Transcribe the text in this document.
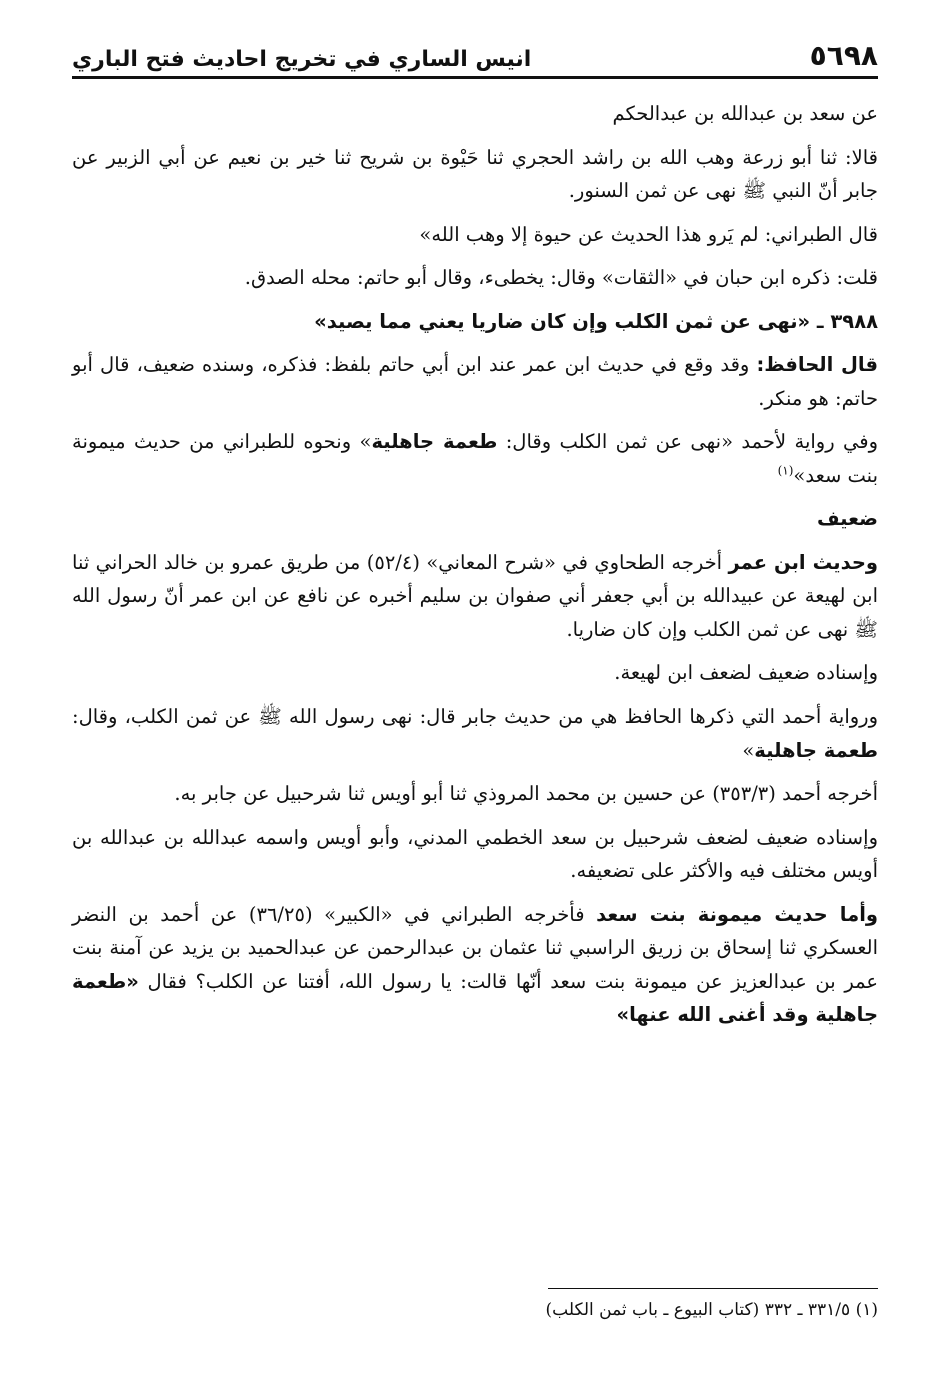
٥٦٩٨
انيس الساري في تخريج احاديث فتح الباري

عن سعد بن عبدالله بن عبدالحكم

قالا: ثنا أبو زرعة وهب الله بن راشد الحجري ثنا حَيْوة بن شريح ثنا خير بن نعيم عن أبي الزبير عن جابر أنّ النبي ﷺ نهى عن ثمن السنور.

قال الطبراني: لم يَرو هذا الحديث عن حيوة إلا وهب الله»

قلت: ذكره ابن حبان في «الثقات» وقال: يخطىء، وقال أبو حاتم: محله الصدق.

٣٩٨٨ ـ «نهى عن ثمن الكلب وإن كان ضاريا يعني مما يصيد»

قال الحافظ: وقد وقع في حديث ابن عمر عند ابن أبي حاتم بلفظ: فذكره، وسنده ضعيف، قال أبو حاتم: هو منكر.

وفي رواية لأحمد «نهى عن ثمن الكلب وقال: طعمة جاهلية» ونحوه للطبراني من حديث ميمونة بنت سعد»$^{(١)}$

ضعيف

وحديث ابن عمر أخرجه الطحاوي في «شرح المعاني» (٥٢/٤) من طريق عمرو بن خالد الحراني ثنا ابن لهيعة عن عبيدالله بن أبي جعفر أني صفوان بن سليم أخبره عن نافع عن ابن عمر أنّ رسول الله ﷺ نهى عن ثمن الكلب وإن كان ضاريا.

وإسناده ضعيف لضعف ابن لهيعة.

ورواية أحمد التي ذكرها الحافظ هي من حديث جابر قال: نهى رسول الله ﷺ عن ثمن الكلب، وقال: طعمة جاهلية»

أخرجه أحمد (٣٥٣/٣) عن حسين بن محمد المروذي ثنا أبو أويس ثنا شرحبيل عن جابر به.

وإسناده ضعيف لضعف شرحبيل بن سعد الخطمي المدني، وأبو أويس واسمه عبدالله بن عبدالله بن أويس مختلف فيه والأكثر على تضعيفه.

وأما حديث ميمونة بنت سعد فأخرجه الطبراني في «الكبير» (٣٦/٢٥) عن أحمد بن النضر العسكري ثنا إسحاق بن زريق الراسبي ثنا عثمان بن عبدالرحمن عن عبدالحميد بن يزيد عن آمنة بنت عمر بن عبدالعزيز عن ميمونة بنت سعد أنّها قالت: يا رسول الله، أفتنا عن الكلب؟ فقال «طعمة جاهلية وقد أغنى الله عنها»

(١) ٣٣١/٥ ـ ٣٣٢ (كتاب البيوع ـ باب ثمن الكلب)
